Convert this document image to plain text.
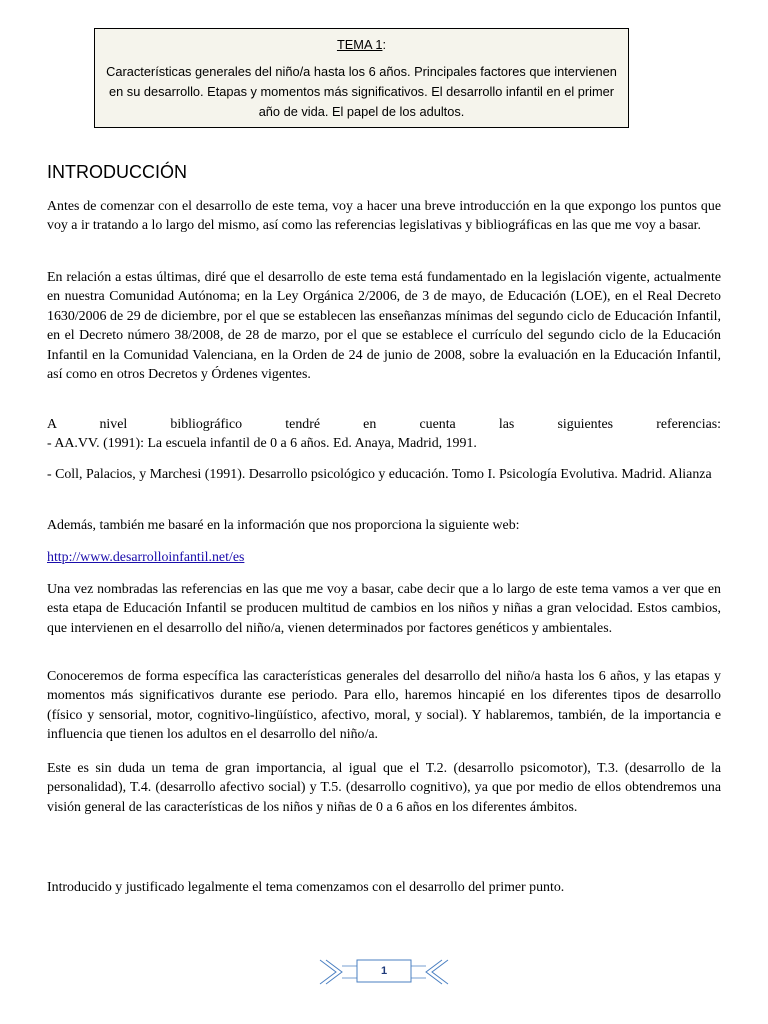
TEMA 1:

Características generales del niño/a hasta los 6 años. Principales factores que intervienen en su desarrollo. Etapas y momentos más significativos. El desarrollo infantil en el primer año de vida. El papel de los adultos.

INTRODUCCIÓN

Antes de comenzar con el desarrollo de este tema, voy a hacer una breve introducción en la que expongo los puntos que voy a ir tratando a lo largo del mismo, así como las referencias legislativas y bibliográficas en las que me voy a basar.

En relación a estas últimas, diré que el desarrollo de este tema está fundamentado en la legislación vigente, actualmente en nuestra Comunidad Autónoma; en la Ley Orgánica 2/2006, de 3 de mayo, de Educación (LOE), en el Real Decreto 1630/2006 de 29 de diciembre, por el que se establecen las enseñanzas mínimas del segundo ciclo de Educación Infantil, en el Decreto número 38/2008, de 28 de marzo, por el que se establece el currículo del segundo ciclo de la Educación Infantil en la Comunidad Valenciana, en la Orden de 24 de junio de 2008, sobre la evaluación en la Educación Infantil, así como en otros Decretos y Órdenes vigentes.

A nivel bibliográfico tendré en cuenta las siguientes referencias:

- AA.VV. (1991): La escuela infantil de 0 a 6 años. Ed. Anaya, Madrid, 1991.

- Coll, Palacios, y Marchesi (1991). Desarrollo psicológico y educación. Tomo I. Psicología Evolutiva. Madrid. Alianza

Además, también me basaré en la información que nos proporciona la siguiente web:

http://www.desarrolloinfantil.net/es

Una vez nombradas las referencias en las que me voy a basar, cabe decir que a lo largo de este tema vamos a ver que en esta etapa de Educación Infantil se producen multitud de cambios en los niños y niñas a gran velocidad. Estos cambios, que intervienen en el desarrollo del niño/a, vienen determinados por factores genéticos y ambientales.

Conoceremos de forma específica las características generales del desarrollo del niño/a hasta los 6 años, y las etapas y momentos más significativos durante ese periodo. Para ello, haremos hincapié en los diferentes tipos de desarrollo (físico y sensorial, motor, cognitivo-lingüístico, afectivo, moral, y social). Y hablaremos, también, de la importancia e influencia que tienen los adultos en el desarrollo del niño/a.

Este es sin duda un tema de gran importancia, al igual que el T.2. (desarrollo psicomotor), T.3. (desarrollo de la personalidad), T.4. (desarrollo afectivo social) y T.5. (desarrollo cognitivo), ya que por medio de ellos obtendremos una visión general de las características de los niños y niñas de 0 a 6 años en los diferentes ámbitos.

Introducido y justificado legalmente el tema comenzamos con el desarrollo del primer punto.

1
